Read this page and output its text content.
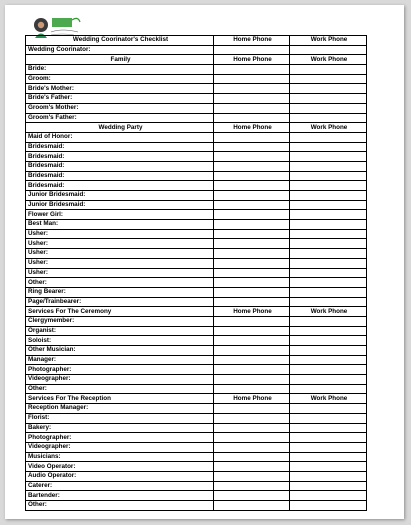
Wedding Coorinator's Checklist	Home Phone	Work Phone
Wedding Coorinator:		
Family	Home Phone	Work Phone
Bride:		
Groom:		
Bride's Mother:		
Bride's Father:		
Groom's Mother:		
Groom's Father:		
Wedding Party	Home Phone	Work Phone
Maid of Honor:		
Bridesmaid:		
Bridesmaid:		
Bridesmaid:		
Bridesmaid:		
Bridesmaid:		
Junior Bridesmaid:		
Junior Bridesmaid:		
Flower Girl:		
Best Man:		
Usher:		
Usher:		
Usher:		
Usher:		
Usher:		
Other:		
Ring Bearer:		
Page/Trainbearer:		
Services For The Ceremony	Home Phone	Work Phone
Clergymember:		
Organist:		
Soloist:		
Other Musician:		
Manager:		
Photographer:		
Videographer:		
Other:		
Services For The Reception	Home Phone	Work Phone
Reception Manager:		
Florist:		
Bakery:		
Photographer:		
Videographer:		
Musicians:		
Video Operator:		
Audio Operator:		
Caterer:		
Bartender:		
Other:		
